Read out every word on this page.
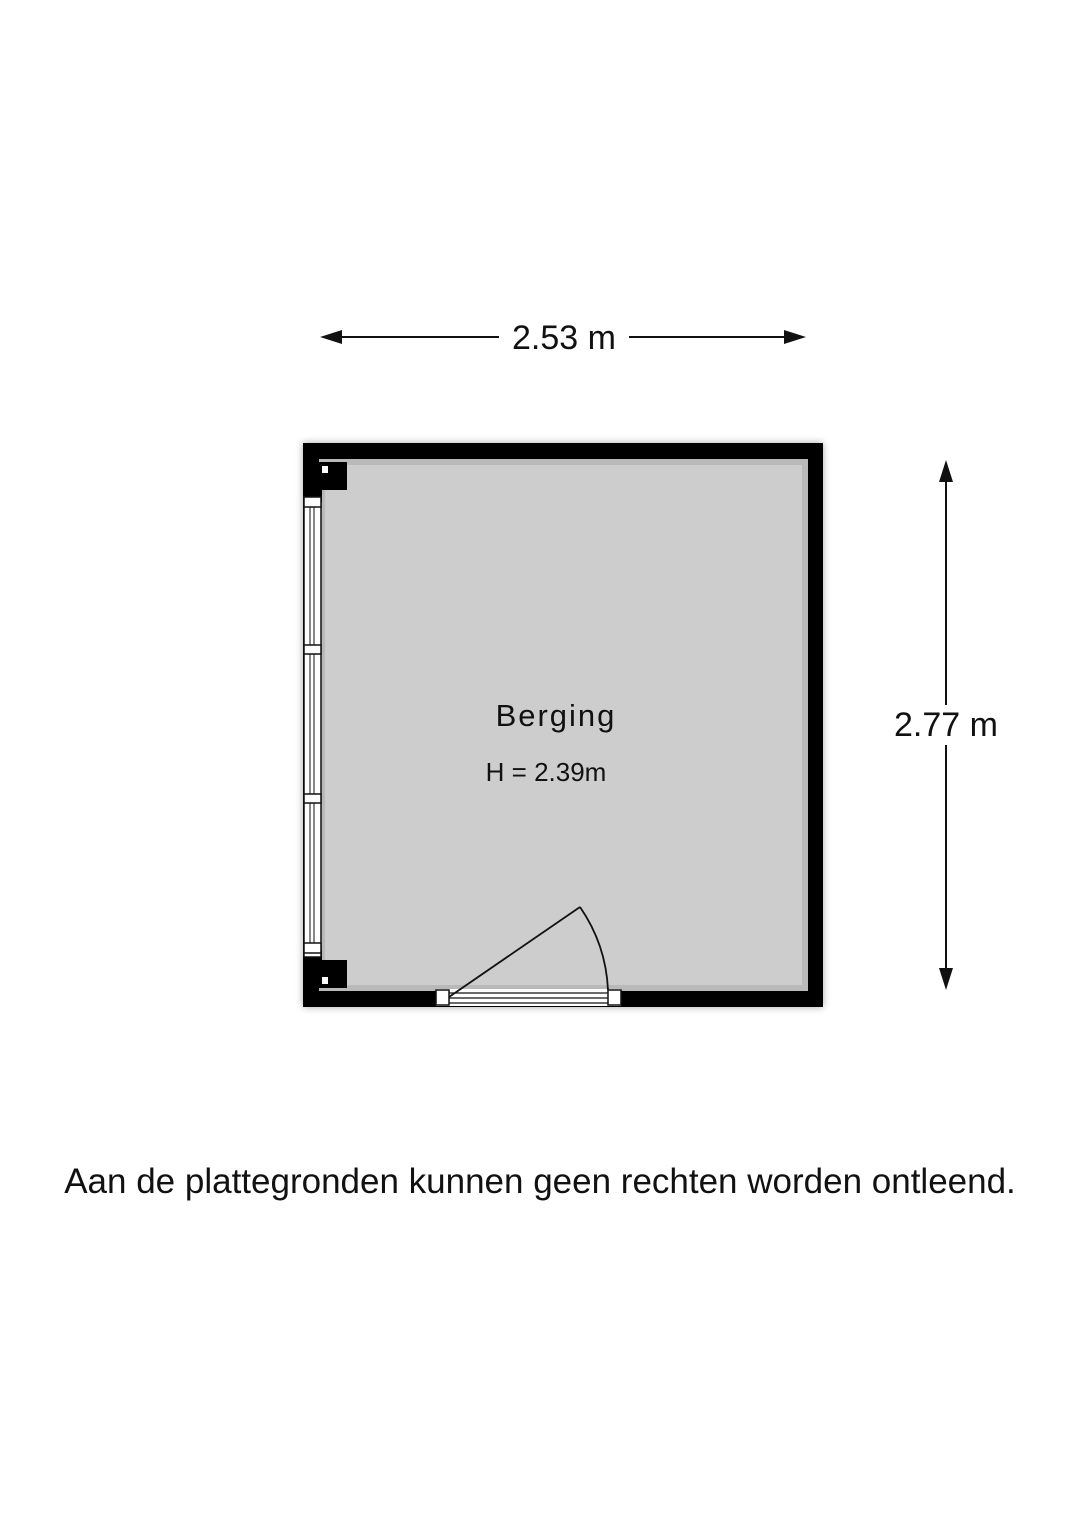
2.53 m
2.77 m
Berging
H = 2.39m
Aan de plattegronden kunnen geen rechten worden ontleend.
